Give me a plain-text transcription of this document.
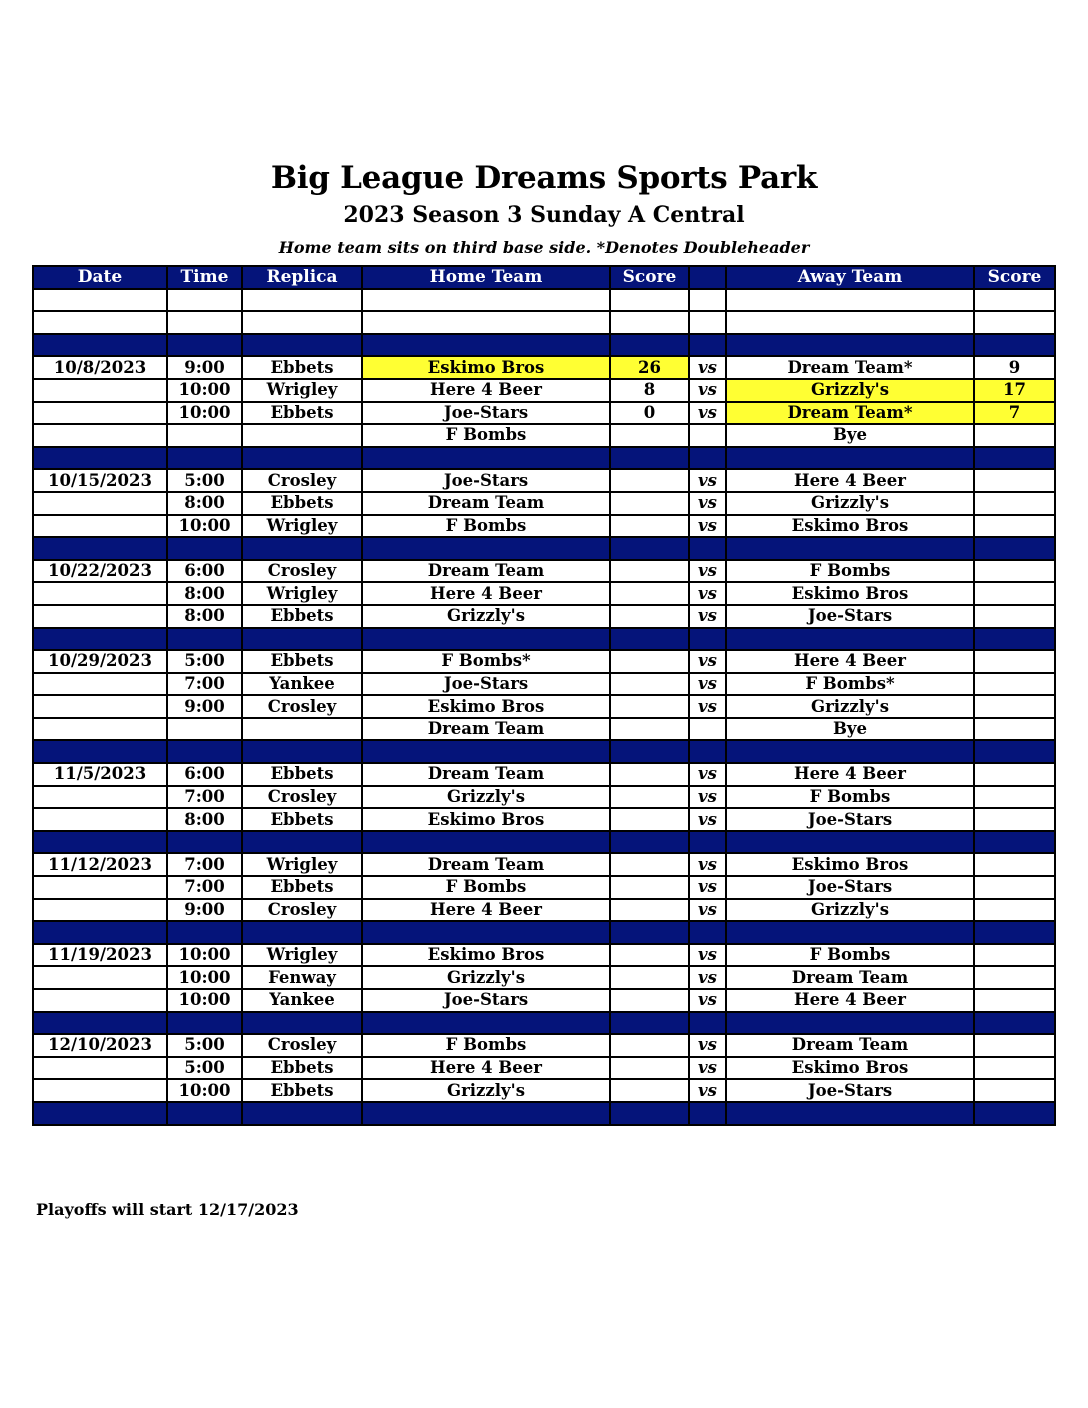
Big League Dreams Sports Park
2023 Season 3 Sunday A Central
Home team sits on third base side. *Denotes Doubleheader
Date	Time	Replica	Home Team	Score		Away Team	Score

10/8/2023	9:00	Ebbets	Eskimo Bros	26	vs	Dream Team*	9
	10:00	Wrigley	Here 4 Beer	8	vs	Grizzly's	17
	10:00	Ebbets	Joe-Stars	0	vs	Dream Team*	7
			F Bombs			Bye	

10/15/2023	5:00	Crosley	Joe-Stars		vs	Here 4 Beer	
	8:00	Ebbets	Dream Team		vs	Grizzly's	
	10:00	Wrigley	F Bombs		vs	Eskimo Bros	

10/22/2023	6:00	Crosley	Dream Team		vs	F Bombs	
	8:00	Wrigley	Here 4 Beer		vs	Eskimo Bros	
	8:00	Ebbets	Grizzly's		vs	Joe-Stars	

10/29/2023	5:00	Ebbets	F Bombs*		vs	Here 4 Beer	
	7:00	Yankee	Joe-Stars		vs	F Bombs*	
	9:00	Crosley	Eskimo Bros		vs	Grizzly's	
			Dream Team			Bye	

11/5/2023	6:00	Ebbets	Dream Team		vs	Here 4 Beer	
	7:00	Crosley	Grizzly's		vs	F Bombs	
	8:00	Ebbets	Eskimo Bros		vs	Joe-Stars	

11/12/2023	7:00	Wrigley	Dream Team		vs	Eskimo Bros	
	7:00	Ebbets	F Bombs		vs	Joe-Stars	
	9:00	Crosley	Here 4 Beer		vs	Grizzly's	

11/19/2023	10:00	Wrigley	Eskimo Bros		vs	F Bombs	
	10:00	Fenway	Grizzly's		vs	Dream Team	
	10:00	Yankee	Joe-Stars		vs	Here 4 Beer	

12/10/2023	5:00	Crosley	F Bombs		vs	Dream Team	
	5:00	Ebbets	Here 4 Beer		vs	Eskimo Bros	
	10:00	Ebbets	Grizzly's		vs	Joe-Stars	

Playoffs will start 12/17/2023
